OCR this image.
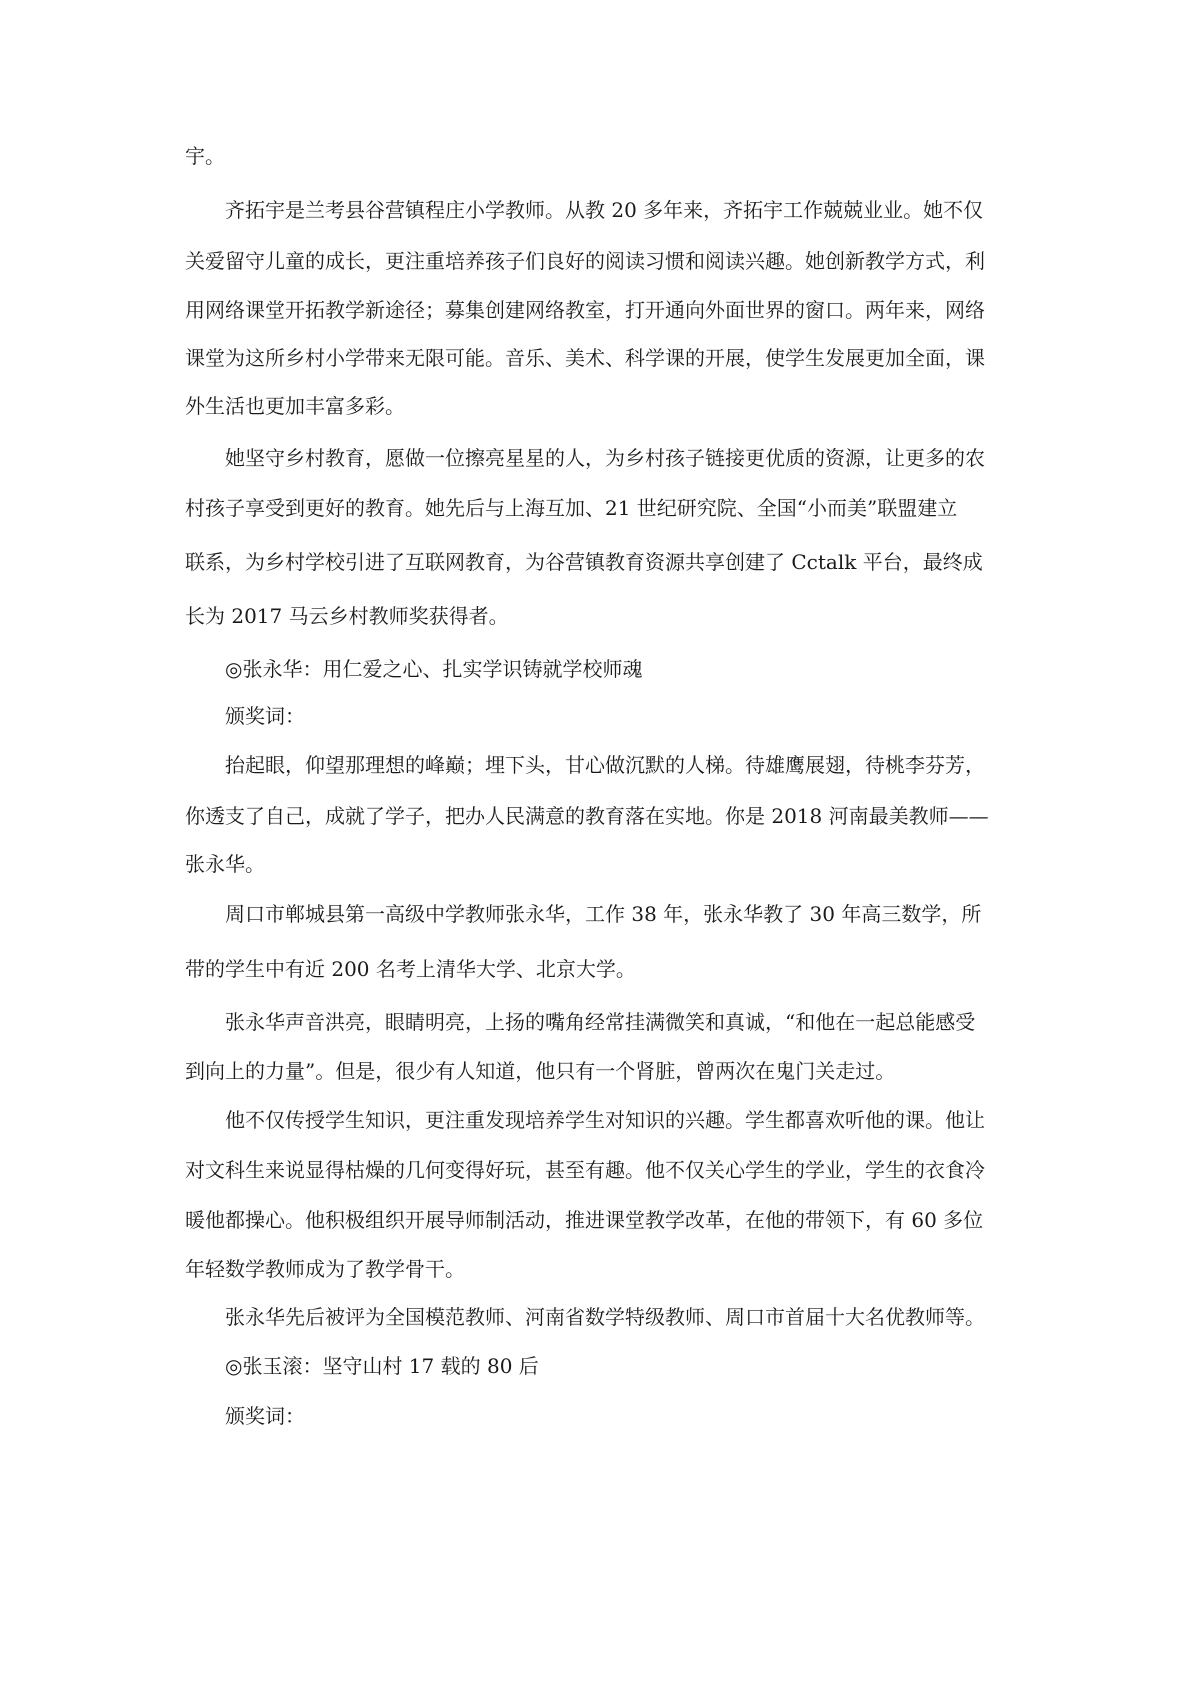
宇。

齐拓宇是兰考县谷营镇程庄小学教师。从教 20 多年来，齐拓宇工作兢兢业业。她不仅

关爱留守儿童的成长，更注重培养孩子们良好的阅读习惯和阅读兴趣。她创新教学方式，利

用网络课堂开拓教学新途径；募集创建网络教室，打开通向外面世界的窗口。两年来，网络

课堂为这所乡村小学带来无限可能。音乐、美术、科学课的开展，使学生发展更加全面，课

外生活也更加丰富多彩。

她坚守乡村教育，愿做一位擦亮星星的人，为乡村孩子链接更优质的资源，让更多的农

村孩子享受到更好的教育。她先后与上海互加、21 世纪研究院、全国“小而美”联盟建立

联系，为乡村学校引进了互联网教育，为谷营镇教育资源共享创建了 Cctalk 平台，最终成

长为 2017 马云乡村教师奖获得者。

◎张永华：用仁爱之心、扎实学识铸就学校师魂

颁奖词：

抬起眼，仰望那理想的峰巅；埋下头，甘心做沉默的人梯。待雄鹰展翅，待桃李芬芳，

你透支了自己，成就了学子，把办人民满意的教育落在实地。你是 2018 河南最美教师——

张永华。

周口市郸城县第一高级中学教师张永华，工作 38 年，张永华教了 30 年高三数学，所

带的学生中有近 200 名考上清华大学、北京大学。

张永华声音洪亮，眼睛明亮，上扬的嘴角经常挂满微笑和真诚，“和他在一起总能感受

到向上的力量”。但是，很少有人知道，他只有一个肾脏，曾两次在鬼门关走过。

他不仅传授学生知识，更注重发现培养学生对知识的兴趣。学生都喜欢听他的课。他让

对文科生来说显得枯燥的几何变得好玩，甚至有趣。他不仅关心学生的学业，学生的衣食冷

暖他都操心。他积极组织开展导师制活动，推进课堂教学改革，在他的带领下，有 60 多位

年轻数学教师成为了教学骨干。

张永华先后被评为全国模范教师、河南省数学特级教师、周口市首届十大名优教师等。

◎张玉滚：坚守山村 17 载的 80 后

颁奖词：
